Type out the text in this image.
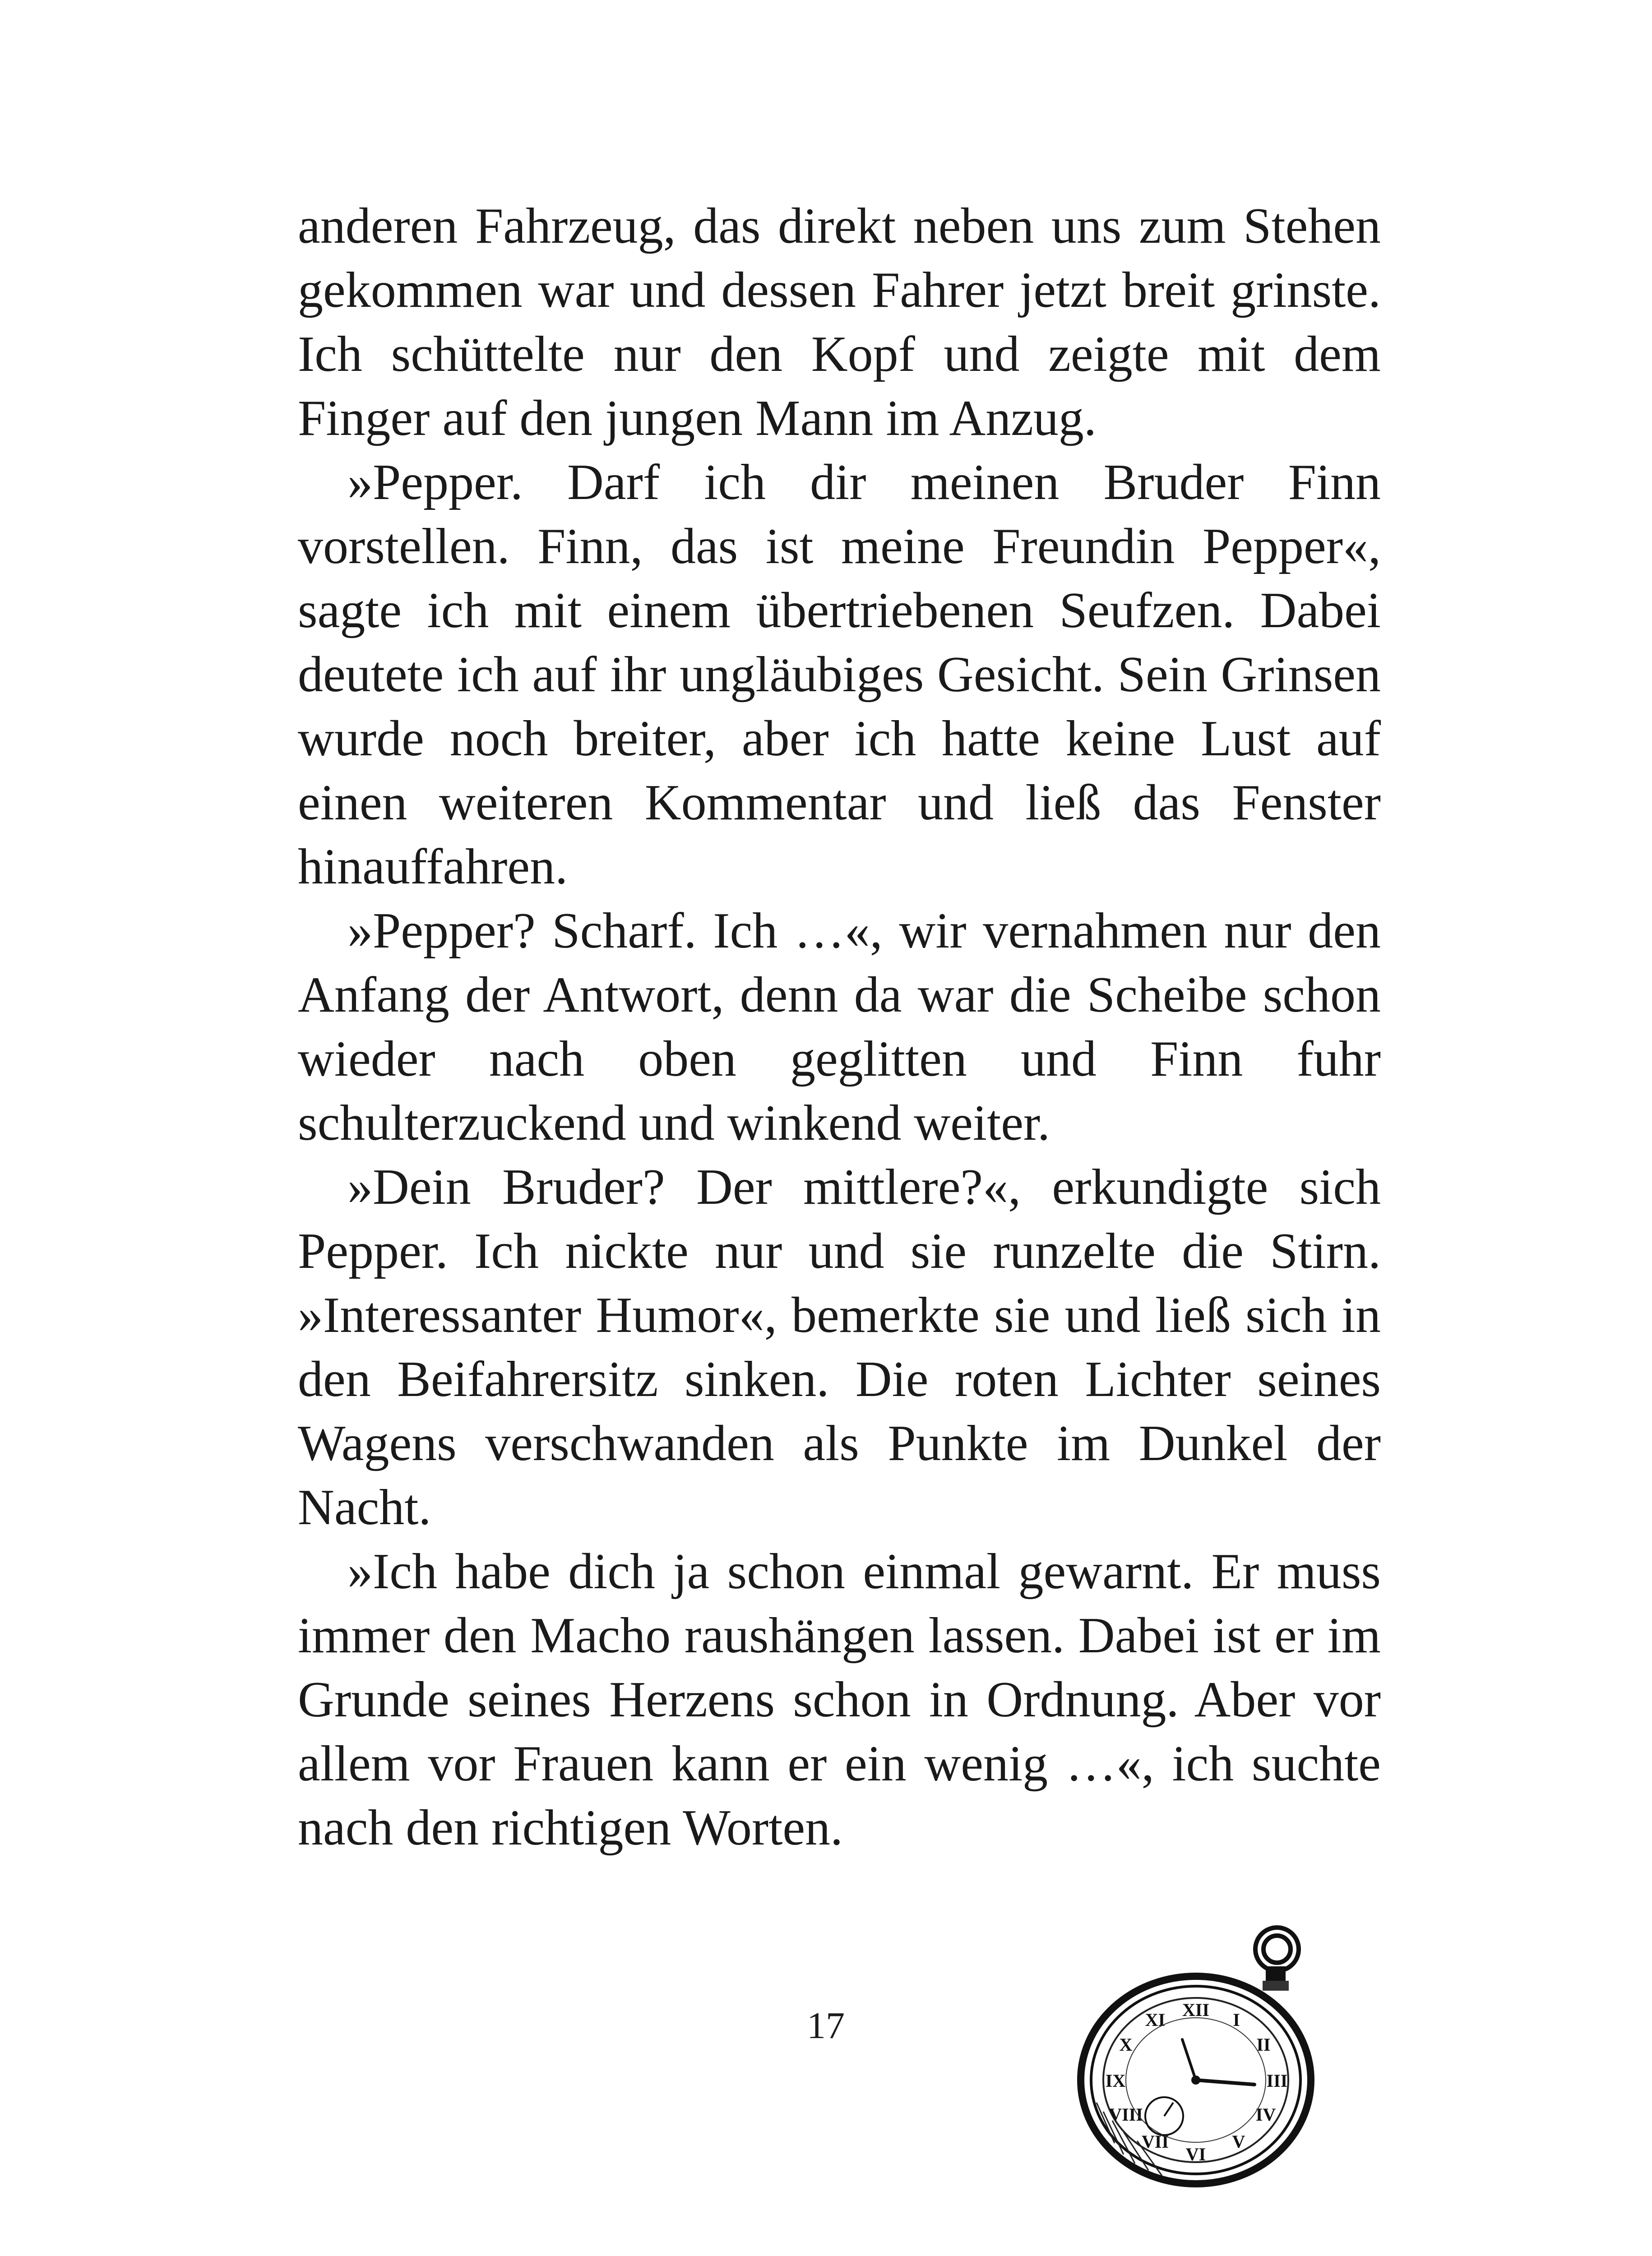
anderen Fahrzeug, das direkt neben uns zum Stehen gekommen war und dessen Fahrer jetzt breit grinste. Ich schüttelte nur den Kopf und zeigte mit dem Finger auf den jungen Mann im Anzug.

»Pepper. Darf ich dir meinen Bruder Finn vorstellen. Finn, das ist meine Freundin Pepper«, sagte ich mit einem übertriebenen Seufzen. Dabei deutete ich auf ihr ungläubiges Gesicht. Sein Grinsen wurde noch breiter, aber ich hatte keine Lust auf einen weiteren Kommentar und ließ das Fenster hinauffahren.

»Pepper? Scharf. Ich …«, wir vernahmen nur den Anfang der Antwort, denn da war die Scheibe schon wieder nach oben geglitten und Finn fuhr schulterzuckend und winkend weiter.

»Dein Bruder? Der mittlere?«, erkundigte sich Pepper. Ich nickte nur und sie runzelte die Stirn. »Interessanter Humor«, bemerkte sie und ließ sich in den Beifahrersitz sinken. Die roten Lichter seines Wagens verschwanden als Punkte im Dunkel der Nacht.

»Ich habe dich ja schon einmal gewarnt. Er muss immer den Macho raushängen lassen. Dabei ist er im Grunde seines Herzens schon in Ordnung. Aber vor allem vor Frauen kann er ein wenig …«, ich suchte nach den richtigen Worten.

17	XII I
II
III
IV
V
VI
VII
VIII
IX
X
XI
